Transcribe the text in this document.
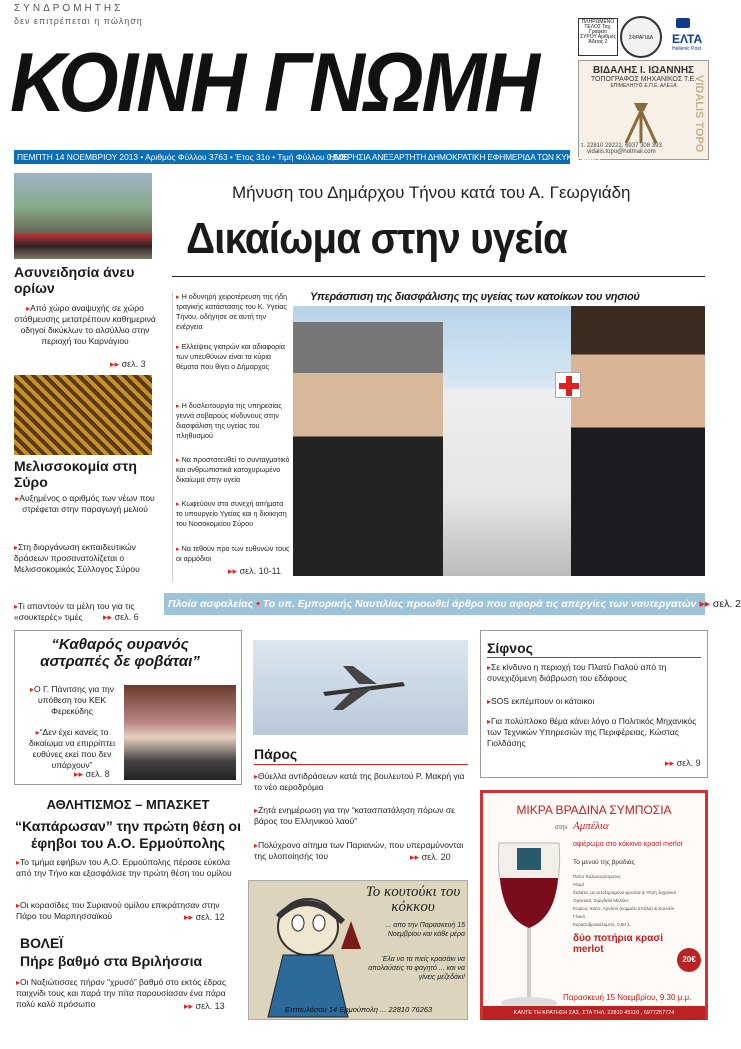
ΣΥΝΔΡΟΜΗΤΗΣ
δεν επιτρέπεται η πώληση
ΚΟΙΝΗ ΓΝΩΜΗ
ΠΛΗΡΩΜΕΝΟ ΤΕΛΟΣ Ταχ. Γραφείο ΣΥΡΟΥ Αριθμός Άδειας 2
ΣΦΡΑΓΙΔΑ	ΕΛΤΑ
Hellenic Post
ΒΙΔΑΛΗΣ Ι. ΙΩΑΝΝΗΣ
ΤΟΠΟΓΡΑΦΟΣ ΜΗΧΑΝΙΚΟΣ Τ.Ε.
ΕΠΙΜΕΛΗΤΗΣ Ε.Π.Ε. ΑΛΕΞΑ	VIDALIS TOPO
τ. 22810 29221, 6937 308 393
vidalis.topo@hotmail.com
ΠΕΜΠΤΗ 14 ΝΟΕΜΒΡΙΟΥ 2013 • Αριθμός Φύλλου 3763 • Έτος 31ο • Τιμή Φύλλου 0,50€
ΗΜΕΡΗΣΙΑ ΑΝΕΞΑΡΤΗΤΗ ΔΗΜΟΚΡΑΤΙΚΗ ΕΦΗΜΕΡΙΔΑ ΤΩΝ ΚΥΚΛΑΔΩΝ
Ασυνειδησία άνευ ορίων
▸Από χώρο αναψυχής σε χώρο στάθμευσης μετατρέπουν καθημερινά οδηγοί δικύκλων το αλσύλλιο στην περιοχή του Καρνάγιου
▸▸ σελ. 3
Μελισσοκομία στη Σύρο
▸Αυξημένος ο αριθμός των νέων που στρέφεται στην παραγωγή μελιού
▸Στη διοργάνωση εκπαιδευτικών δράσεων προσανατολίζεται ο Μελισσοκομικός Σύλλογος Σύρου
▸Τι απαντούν τα μέλη του για τις «σουκτερές» τιμές	▸▸ σελ. 6
Μήνυση του Δημάρχου Τήνου κατά του Α. Γεωργιάδη
Δικαίωμα στην υγεία
Υπεράσπιση της διασφάλισης της υγείας των κατοίκων του νησιού
▸ Η οδυνηρή χειροτέρευση της ήδη τραγικής κατάστασης του Κ. Υγείας Τήνου, οδήγησε σε αυτή την ενέργεια
▸ Ελλείψεις γιατρών και αδιαφορία των υπευθύνων είναι τα κύρια θέματα που θίγει ο Δήμαρχος
▸ Η δυσλειτουργία της υπηρεσίας γεννά σοβαρούς κίνδυνους στην διασφάλιση της υγείας του πληθυσμού
▸ Να προστατευθεί το συνταγματικό και ανθρωπιστικά κατοχυρωμένο δικαίωμα στην υγεία
▸ Κωφεύουν στα συνεχή αιτήματα το υπουργείο Υγείας και η διοίκηση του Νοσοκομείου Σύρου
▸ Να τεθούν προ των ευθυνών τους οι αρμόδιοι
▸▸ σελ. 10-11
Πλοία ασφαλείας • Το υπ. Εμπορικής Ναυτιλίας προωθεί άρθρο που αφορά τις απεργίες των ναυτεργατών ▸▸ σελ. 2
“Καθαρός ουρανός αστραπές δε φοβάται”
▸Ο Γ. Πάνιτσης για την υπόθεση του ΚΕΚ Φερεκύδης
▸“Δεν έχει κανείς το δικαίωμα να επιρρίπτει ευθύνες εκεί που δεν υπάρχουν”
▸▸ σελ. 8
ΑΘΛΗΤΙΣΜΟΣ – ΜΠΑΣΚΕΤ
“Καπάρωσαν” την πρώτη θέση οι έφηβοι του Α.Ο. Ερμούπολης
▸Το τμήμα εφήβων του Α.Ο. Ερμούπολης πέρασε εύκολα από την Τήνο και εξασφάλισε την πρώτη θέση του ομίλου
▸Οι κορασίδες του Συριανού ομίλου επικράτησαν στην Πάρο του Μαρπησσαϊκού	▸▸ σελ. 12
ΒΟΛΕΪ
Πήρε βαθμό στα Βριλήσσια
▸Οι Ναξιώτισσες πήραν “χρυσό” βαθμό στο εκτός έδρας παιχνίδι τους και παρά την πίτα παρουσίασαν ένα πάρα πολύ καλό πρόσωπο	▸▸ σελ. 13
Πάρος
▸Θύελλα αντιδράσεων κατά της βουλευτού Ρ. Μακρή για το νέο αεροδρόμιο
▸Ζητά ενημέρωση για την “κατασπατάληση πόρων σε βάρος του Ελληνικού λαού”
▸Πολύχρονο αίτημα των Παριανών, που υπεραμύνονται της υλοποίησής του	▸▸ σελ. 20
Σίφνος
▸Σε κίνδυνο η περιοχή του Πλατύ Γιαλού από τη συνεχιζόμενη διάβρωση του εδάφους
▸SOS εκπέμπουν οι κάτοικοι
▸Για πολύπλοκο θέμα κάνει λόγο ο Πολιτικός Μηχανικός των Τεχνικών Υπηρεσιών της Περιφέρειας, Κώστας Γιολδάσης
▸▸ σελ. 9
ΜΙΚΡΑ ΒΡΑΔΙΝΑ ΣΥΜΠΟΣΙΑ
στην Αμπέλια
αφιέρωμα στο κόκκινο κρασί merlot
Το μενού της βραδιάς
Πιάτο Καλωσορίσματος
Ψωμί
Σαλάτα, με αποξηραμένα φρούτα & Ψητή λαχανικά
Ορεκτικό, Σιμιγδαλί Μελιάνι
Κυρίως πιάτο, Αρνίσιο (κομμάτι σπάλα) & Κουνέλι
Γλυκό
Κερασοβρακόλομπο, 0,50 λ.
δύο ποτήρια κρασί merlot
20€
Παρασκευή 15 Νοεμβρίου, 9.30 μ.μ.
ΚΑΝΤΕ ΤΗ ΚΡΑΤΗΣΗ ΣΑΣ, ΣΤΑ ΤΗΛ. 22810 45110 , 6977257724
Το κουτούκι του κόκκου
... απο την Παρασκευή 15 Νοεμβρίου και κάθε μέρα
Έλα να τα πιείς κρασάκι να απολαύσεις το φαγητό ... και να γίνεις μεζεδάκι!
Επταυλάσου 14 Ερμούπολη ... 22810 76263
